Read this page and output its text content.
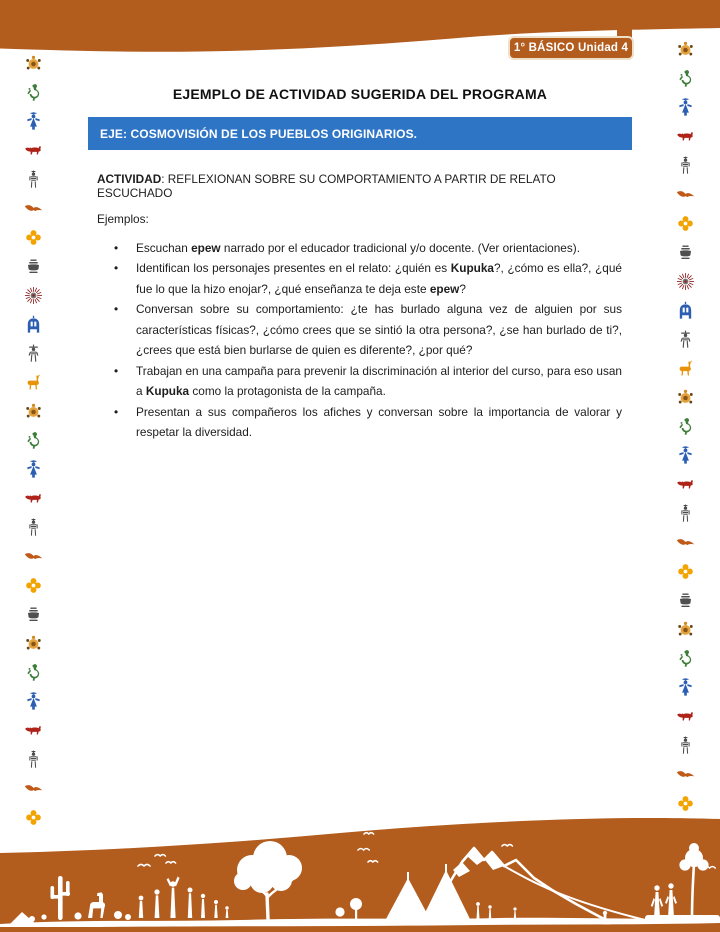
1° BÁSICO Unidad 4
EJEMPLO DE ACTIVIDAD SUGERIDA DEL PROGRAMA
EJE: COSMOVISIÓN DE LOS PUEBLOS ORIGINARIOS.

ACTIVIDAD: REFLEXIONAN SOBRE SU COMPORTAMIENTO A PARTIR DE RELATO ESCUCHADO

Ejemplos:

•	Escuchan epew narrado por el educador tradicional y/o docente. (Ver orientaciones).

•	Identifican los personajes presentes en el relato: ¿quién es Kupuka?, ¿cómo es ella?, ¿qué fue lo que la hizo enojar?, ¿qué enseñanza te deja este epew?

•	Conversan sobre su comportamiento: ¿te has burlado alguna vez de alguien por sus características físicas?, ¿cómo crees que se sintió la otra persona?, ¿se han burlado de ti?, ¿crees que está bien burlarse de quien es diferente?, ¿por qué?

•	Trabajan en una campaña para prevenir la discriminación al interior del curso, para eso usan a Kupuka como la protagonista de la campaña.

•	Presentan a sus compañeros los afiches y conversan sobre la importancia de valorar y respetar la diversidad.
